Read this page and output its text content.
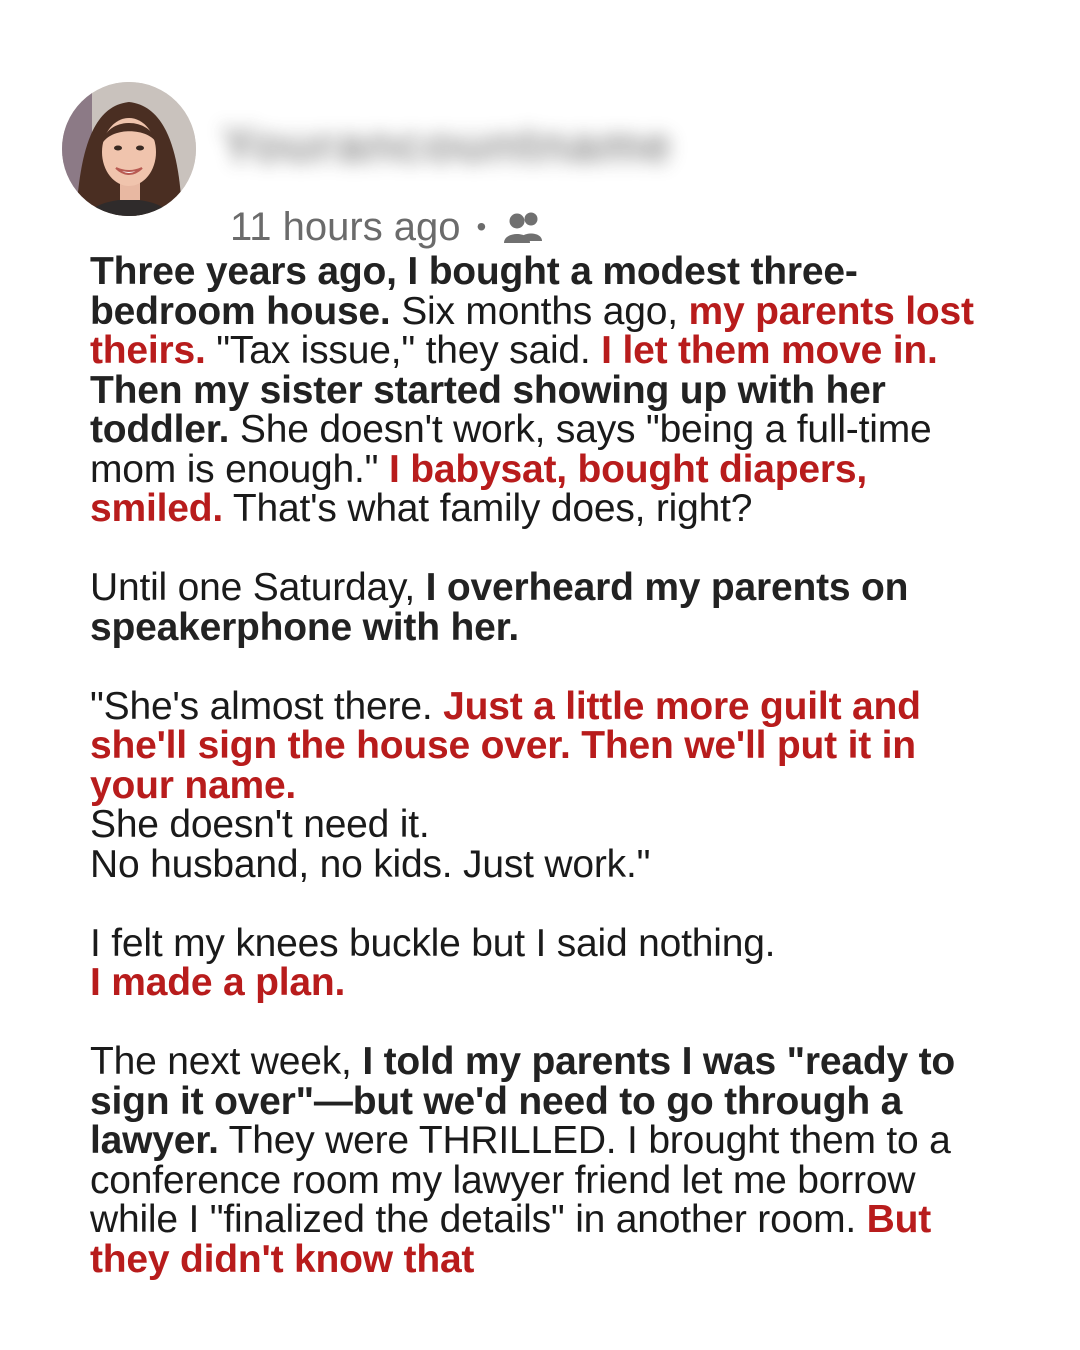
Yourancountname
11 hours ago •
Three years ago, I bought a modest three-bedroom house. Six months ago, my parents lost theirs. "Tax issue," they said. I let them move in. Then my sister started showing up with her toddler. She doesn't work, says "being a full-time mom is enough." I babysat, bought diapers, smiled. That's what family does, right?
Until one Saturday, I overheard my parents on speakerphone with her.
"She's almost there. Just a little more guilt and she'll sign the house over. Then we'll put it in your name.
She doesn't need it.
No husband, no kids. Just work."
I felt my knees buckle but I said nothing.
I made a plan.
The next week, I told my parents I was "ready to sign it over"—but we'd need to go through a lawyer. They were THRILLED. I brought them to a conference room my lawyer friend let me borrow while I "finalized the details" in another room. But they didn't know that
